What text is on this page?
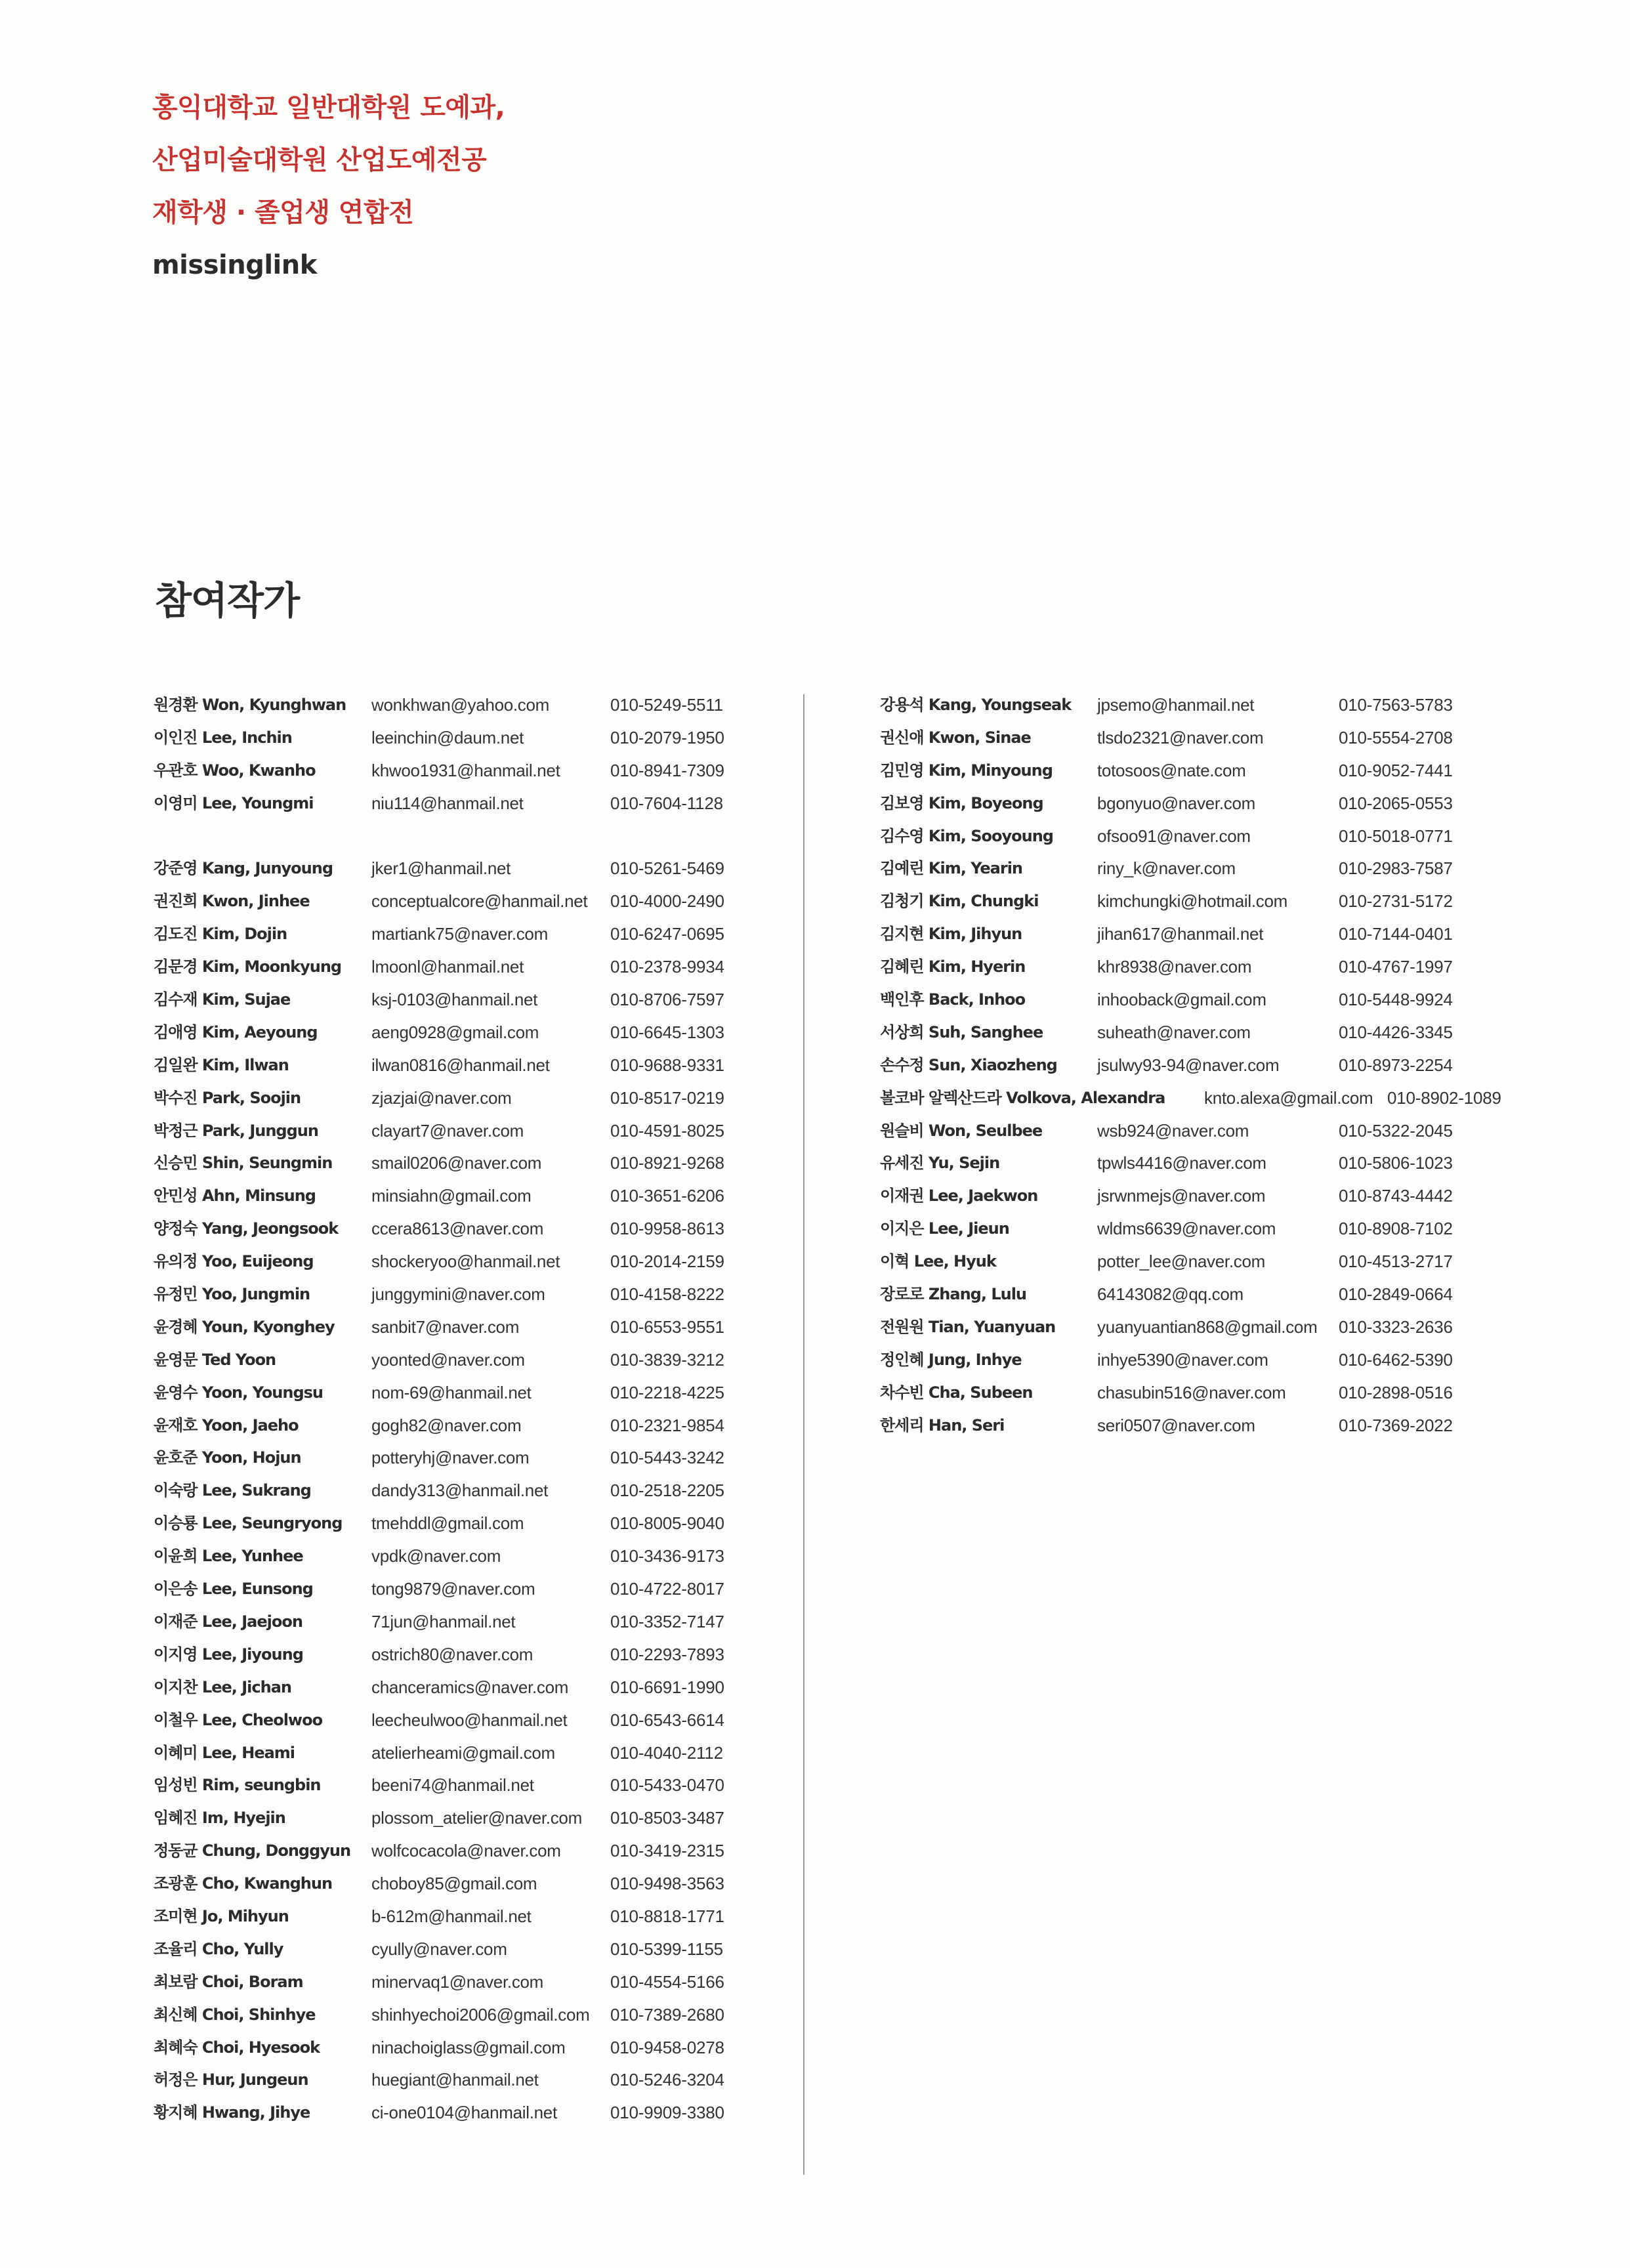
홍익대학교 일반대학원 도예과,
산업미술대학원 산업도예전공
재학생 · 졸업생 연합전
missinglink
참여작가
원경환 Won, Kyunghwan wonkhwan@yahoo.com	010-5249-5511
이인진 Lee, Inchin	leeinchin@daum.net	010-2079-1950
우관호 Woo, Kwanho	khwoo1931@hanmail.net	010-8941-7309
이영미 Lee, Youngmi	niu114@hanmail.net	010-7604-1128
강준영 Kang, Junyoung jker1@hanmail.net	010-5261-5469
권진희 Kwon, Jinhee	conceptualcore@hanmail.net 010-4000-2490
김도진 Kim, Dojin	martiank75@naver.com	010-6247-0695
김문경 Kim, Moonkyung lmoonl@hanmail.net	010-2378-9934
김수재 Kim, Sujae	ksj-0103@hanmail.net	010-8706-7597
김애영 Kim, Aeyoung	aeng0928@gmail.com	010-6645-1303
김일완 Kim, Ilwan	ilwan0816@hanmail.net	010-9688-9331
박수진 Park, Soojin	zjazjai@naver.com	010-8517-0219
박정근 Park, Junggun	clayart7@naver.com	010-4591-8025
신승민 Shin, Seungmin smail0206@naver.com	010-8921-9268
안민성 Ahn, Minsung	minsiahn@gmail.com	010-3651-6206
양정숙 Yang, Jeongsook ccera8613@naver.com	010-9958-8613
유의정 Yoo, Euijeong	shockeryoo@hanmail.net	010-2014-2159
유정민 Yoo, Jungmin	junggymini@naver.com	010-4158-8222
윤경혜 Youn, Kyonghey sanbit7@naver.com	010-6553-9551
윤영문 Ted Yoon	yoonted@naver.com	010-3839-3212
윤영수 Yoon, Youngsu	nom-69@hanmail.net	010-2218-4225
윤재호 Yoon, Jaeho	gogh82@naver.com	010-2321-9854
윤호준 Yoon, Hojun	potteryhj@naver.com	010-5443-3242
이숙랑 Lee, Sukrang	dandy313@hanmail.net	010-2518-2205
이승룡 Lee, Seungryong tmehddl@gmail.com	010-8005-9040
이윤희 Lee, Yunhee	vpdk@naver.com	010-3436-9173
이은송 Lee, Eunsong	tong9879@naver.com	010-4722-8017
이재준 Lee, Jaejoon	71jun@hanmail.net	010-3352-7147
이지영 Lee, Jiyoung	ostrich80@naver.com	010-2293-7893
이지찬 Lee, Jichan	chanceramics@naver.com 010-6691-1990
이철우 Lee, Cheolwoo	leecheulwoo@hanmail.net	010-6543-6614
이혜미 Lee, Heami	atelierheami@gmail.com	010-4040-2112
임성빈 Rim, seungbin	beeni74@hanmail.net	010-5433-0470
임혜진 Im, Hyejin	plossom_atelier@naver.com 010-8503-3487
정동균 Chung, Donggyun wolfcocacola@naver.com	010-3419-2315
조광훈 Cho, Kwanghun choboy85@gmail.com	010-9498-3563
조미현 Jo, Mihyun	b-612m@hanmail.net	010-8818-1771
조율리 Cho, Yully	cyully@naver.com	010-5399-1155
최보람 Choi, Boram	minervaq1@naver.com	010-4554-5166
최신혜 Choi, Shinhye	shinhyechoi2006@gmail.com 010-7389-2680
최혜숙 Choi, Hyesook	ninachoiglass@gmail.com	010-9458-0278
허정은 Hur, Jungeun	huegiant@hanmail.net	010-5246-3204
황지혜 Hwang, Jihye	ci-one0104@hanmail.net	010-9909-3380
강용석 Kang, Youngseak jpsemo@hanmail.net	010-7563-5783
권신애 Kwon, Sinae	tlsdo2321@naver.com	010-5554-2708
김민영 Kim, Minyoung	totosoos@nate.com	010-9052-7441
김보영 Kim, Boyeong	bgonyuo@naver.com	010-2065-0553
김수영 Kim, Sooyoung	ofsoo91@naver.com	010-5018-0771
김예린 Kim, Yearin	riny_k@naver.com	010-2983-7587
김청기 Kim, Chungki	kimchungki@hotmail.com	010-2731-5172
김지현 Kim, Jihyun	jihan617@hanmail.net	010-7144-0401
김혜린 Kim, Hyerin	khr8938@naver.com	010-4767-1997
백인후 Back, Inhoo	inhooback@gmail.com	010-5448-9924
서상희 Suh, Sanghee	suheath@naver.com	010-4426-3345
손수정 Sun, Xiaozheng jsulwy93-94@naver.com	010-8973-2254
볼코바 알렉산드라 Volkova, Alexandra knto.alexa@gmail.com 010-8902-1089
원슬비 Won, Seulbee	wsb924@naver.com	010-5322-2045
유세진 Yu, Sejin	tpwls4416@naver.com	010-5806-1023
이재권 Lee, Jaekwon	jsrwnmejs@naver.com	010-8743-4442
이지은 Lee, Jieun	wldms6639@naver.com	010-8908-7102
이혁 Lee, Hyuk	potter_lee@naver.com	010-4513-2717
장로로 Zhang, Lulu	64143082@qq.com	010-2849-0664
전원원 Tian, Yuanyuan yuanyuantian868@gmail.com 010-3323-2636
정인혜 Jung, Inhye	inhye5390@naver.com	010-6462-5390
차수빈 Cha, Subeen	chasubin516@naver.com	010-2898-0516
한세리 Han, Seri	seri0507@naver.com	010-7369-2022
